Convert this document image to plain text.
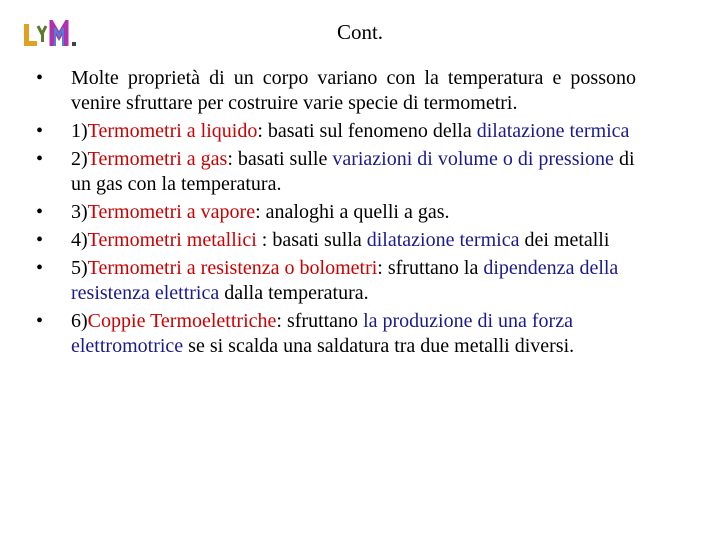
Cont.
• Molte proprietà di un corpo variano con la temperatura e possono venire sfruttare per costruire varie specie di termometri.
• 1)Termometri a liquido: basati sul fenomeno della dilatazione termica
• 2)Termometri a gas: basati sulle variazioni di volume o di pressione di un gas con la temperatura.
• 3)Termometri a vapore: analoghi a quelli a gas.
• 4)Termometri metallici : basati sulla dilatazione termica dei metalli
• 5)Termometri a resistenza o bolometri: sfruttano la dipendenza della resistenza elettrica dalla temperatura.
• 6)Coppie Termoelettriche: sfruttano la produzione di una forza elettromotrice se si scalda una saldatura tra due metalli diversi.
